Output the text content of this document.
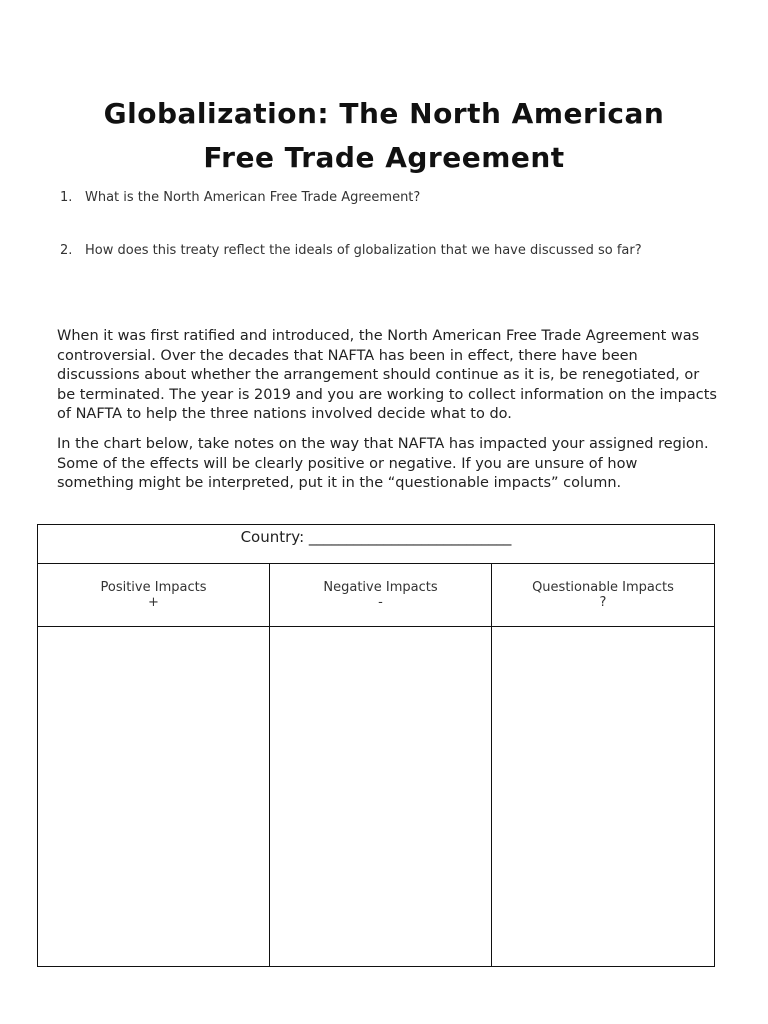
Globalization: The North American
Free Trade Agreement
1. What is the North American Free Trade Agreement?
2. How does this treaty reflect the ideals of globalization that we have discussed so far?

When it was first ratified and introduced, the North American Free Trade Agreement was controversial. Over the decades that NAFTA has been in effect, there have been discussions about whether the arrangement should continue as it is, be renegotiated, or be terminated. The year is 2019 and you are working to collect information on the impacts of NAFTA to help the three nations involved decide what to do.

In the chart below, take notes on the way that NAFTA has impacted your assigned region. Some of the effects will be clearly positive or negative. If you are unsure of how something might be interpreted, put it in the “questionable impacts” column.

Country: ___________________________
Positive Impacts
+
Negative Impacts
-
Questionable Impacts
?
